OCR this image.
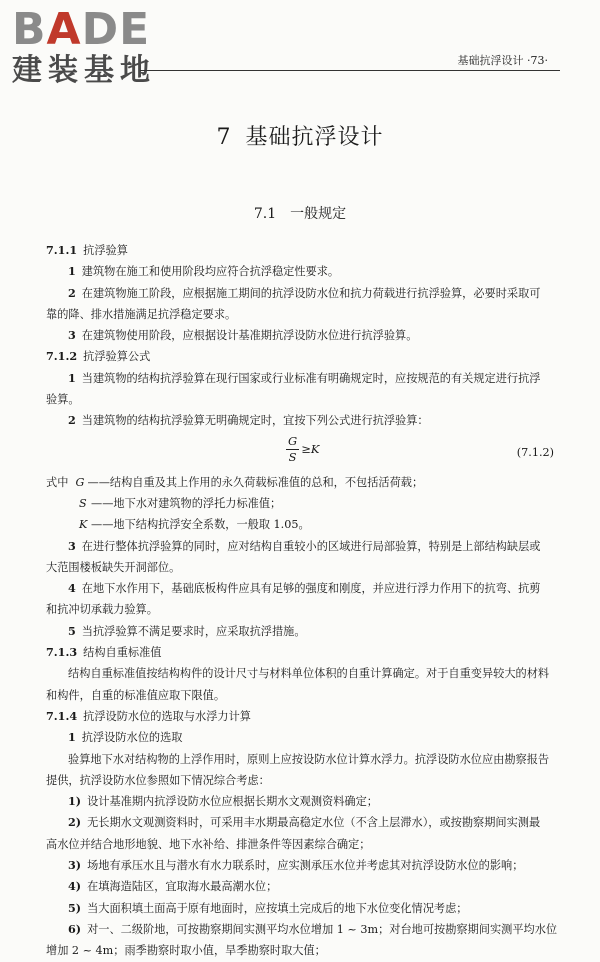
BADE
建装基地	基础抗浮设计 ·73·
7 基础抗浮设计
7.1 一般规定
7.1.1 抗浮验算
1 建筑物在施工和使用阶段均应符合抗浮稳定性要求。
2 在建筑物施工阶段，应根据施工期间的抗浮设防水位和抗力荷载进行抗浮验算，必要时采取可
靠的降、排水措施满足抗浮稳定要求。
3 在建筑物使用阶段，应根据设计基准期抗浮设防水位进行抗浮验算。
7.1.2 抗浮验算公式
1 当建筑物的结构抗浮验算在现行国家或行业标准有明确规定时，应按规范的有关规定进行抗浮
验算。
2 当建筑物的结构抗浮验算无明确规定时，宜按下列公式进行抗浮验算：
$\frac{G}{S} \ge K$	(7.1.2)
式中 G ——结构自重及其上作用的永久荷载标准值的总和，不包括活荷载；
S ——地下水对建筑物的浮托力标准值；
K ——地下结构抗浮安全系数，一般取 1.05。
3 在进行整体抗浮验算的同时，应对结构自重较小的区域进行局部验算，特别是上部结构缺层或
大范围楼板缺失开洞部位。
4 在地下水作用下，基础底板构件应具有足够的强度和刚度，并应进行浮力作用下的抗弯、抗剪
和抗冲切承载力验算。
5 当抗浮验算不满足要求时，应采取抗浮措施。
7.1.3 结构自重标准值
结构自重标准值按结构构件的设计尺寸与材料单位体积的自重计算确定。对于自重变异较大的材料
和构件，自重的标准值应取下限值。
7.1.4 抗浮设防水位的选取与水浮力计算
1 抗浮设防水位的选取
验算地下水对结构物的上浮作用时，原则上应按设防水位计算水浮力。抗浮设防水位应由勘察报告
提供，抗浮设防水位参照如下情况综合考虑：
1) 设计基准期内抗浮设防水位应根据长期水文观测资料确定；
2) 无长期水文观测资料时，可采用丰水期最高稳定水位（不含上层滞水），或按勘察期间实测最
高水位并结合地形地貌、地下水补给、排泄条件等因素综合确定；
3) 场地有承压水且与潜水有水力联系时，应实测承压水位并考虑其对抗浮设防水位的影响；
4) 在填海造陆区，宜取海水最高潮水位；
5) 当大面积填土面高于原有地面时，应按填土完成后的地下水位变化情况考虑；
6) 对一、二级阶地，可按勘察期间实测平均水位增加 1 ~ 3m；对台地可按勘察期间实测平均水位
增加 2 ~ 4m；雨季勘察时取小值，旱季勘察时取大值；
